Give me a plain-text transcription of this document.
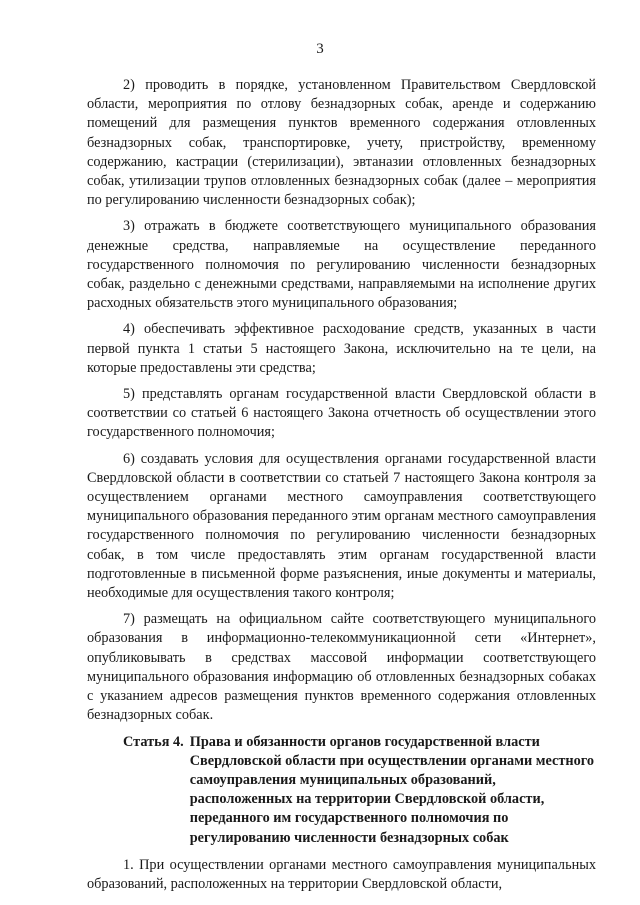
3

2) проводить в порядке, установленном Правительством Свердловской области, мероприятия по отлову безнадзорных собак, аренде и содержанию помещений для размещения пунктов временного содержания отловленных безнадзорных собак, транспортировке, учету, пристройству, временному содержанию, кастрации (стерилизации), эвтаназии отловленных безнадзорных собак, утилизации трупов отловленных безнадзорных собак (далее – мероприятия по регулированию численности безнадзорных собак);

3) отражать в бюджете соответствующего муниципального образования денежные средства, направляемые на осуществление переданного государственного полномочия по регулированию численности безнадзорных собак, раздельно с денежными средствами, направляемыми на исполнение других расходных обязательств этого муниципального образования;

4) обеспечивать эффективное расходование средств, указанных в части первой пункта 1 статьи 5 настоящего Закона, исключительно на те цели, на которые предоставлены эти средства;

5) представлять органам государственной власти Свердловской области в соответствии со статьей 6 настоящего Закона отчетность об осуществлении этого государственного полномочия;

6) создавать условия для осуществления органами государственной власти Свердловской области в соответствии со статьей 7 настоящего Закона контроля за осуществлением органами местного самоуправления соответствующего муниципального образования переданного этим органам местного самоуправления государственного полномочия по регулированию численности безнадзорных собак, в том числе предоставлять этим органам государственной власти подготовленные в письменной форме разъяснения, иные документы и материалы, необходимые для осуществления такого контроля;

7) размещать на официальном сайте соответствующего муниципального образования в информационно-телекоммуникационной сети «Интернет», опубликовывать в средствах массовой информации соответствующего муниципального образования информацию об отловленных безнадзорных собаках с указанием адресов размещения пунктов временного содержания отловленных безнадзорных собак.

Статья 4. Права и обязанности органов государственной власти Свердловской области при осуществлении органами местного самоуправления муниципальных образований, расположенных на территории Свердловской области, переданного им государственного полномочия по регулированию численности безнадзорных собак

1. При осуществлении органами местного самоуправления муниципальных образований, расположенных на территории Свердловской области,
